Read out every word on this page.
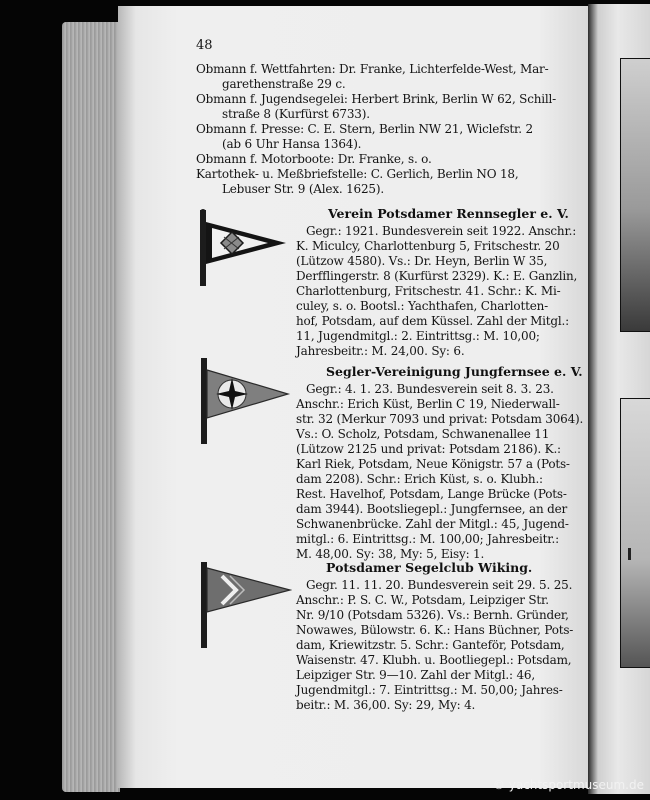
48
Obmann f. Wettfahrten: Dr. Franke, Lichterfelde-West, Mar-
garethenstraße 29 c.
Obmann f. Jugendsegelei: Herbert Brink, Berlin W 62, Schill-
straße 8 (Kurfürst 6733).
Obmann f. Presse: C. E. Stern, Berlin NW 21, Wiclefstr. 2
(ab 6 Uhr Hansa 1364).
Obmann f. Motorboote: Dr. Franke, s. o.
Kartothek- u. Meßbriefstelle: C. Gerlich, Berlin NO 18,
Lebuser Str. 9 (Alex. 1625).
Verein Potsdamer Rennsegler e. V.
Gegr.: 1921. Bundesverein seit 1922. Anschr.:
K. Miculcy, Charlottenburg 5, Fritschestr. 20
(Lützow 4580). Vs.: Dr. Heyn, Berlin W 35,
Derfflingerstr. 8 (Kurfürst 2329). K.: E. Ganzlin,
Charlottenburg, Fritschestr. 41. Schr.: K. Mi-
culey, s. o. Bootsl.: Yachthafen, Charlotten-
hof, Potsdam, auf dem Küssel. Zahl der Mitgl.:
11, Jugendmitgl.: 2. Eintrittsg.: M. 10,00;
Jahresbeitr.: M. 24,00. Sy: 6.
Segler-Vereinigung Jungfernsee e. V.
Gegr.: 4. 1. 23. Bundesverein seit 8. 3. 23.
Anschr.: Erich Küst, Berlin C 19, Niederwall-
str. 32 (Merkur 7093 und privat: Potsdam 3064).
Vs.: O. Scholz, Potsdam, Schwanenallee 11
(Lützow 2125 und privat: Potsdam 2186). K.:
Karl Riek, Potsdam, Neue Königstr. 57 a (Pots-
dam 2208). Schr.: Erich Küst, s. o. Klubh.:
Rest. Havelhof, Potsdam, Lange Brücke (Pots-
dam 3944). Bootsliegepl.: Jungfernsee, an der
Schwanenbrücke. Zahl der Mitgl.: 45, Jugend-
mitgl.: 6. Eintrittsg.: M. 100,00; Jahresbeitr.:
M. 48,00. Sy: 38, My: 5, Eisy: 1.
Potsdamer Segelclub Wiking.
Gegr. 11. 11. 20. Bundesverein seit 29. 5. 25.
Anschr.: P. S. C. W., Potsdam, Leipziger Str.
Nr. 9/10 (Potsdam 5326). Vs.: Bernh. Gründer,
Nowawes, Bülowstr. 6. K.: Hans Büchner, Pots-
dam, Kriewitzstr. 5. Schr.: Ganteför, Potsdam,
Waisenstr. 47. Klubh. u. Bootliegepl.: Potsdam,
Leipziger Str. 9—10. Zahl der Mitgl.: 46,
Jugendmitgl.: 7. Eintrittsg.: M. 50,00; Jahres-
beitr.: M. 36,00. Sy: 29, My: 4.
© yachtsportmuseum.de
